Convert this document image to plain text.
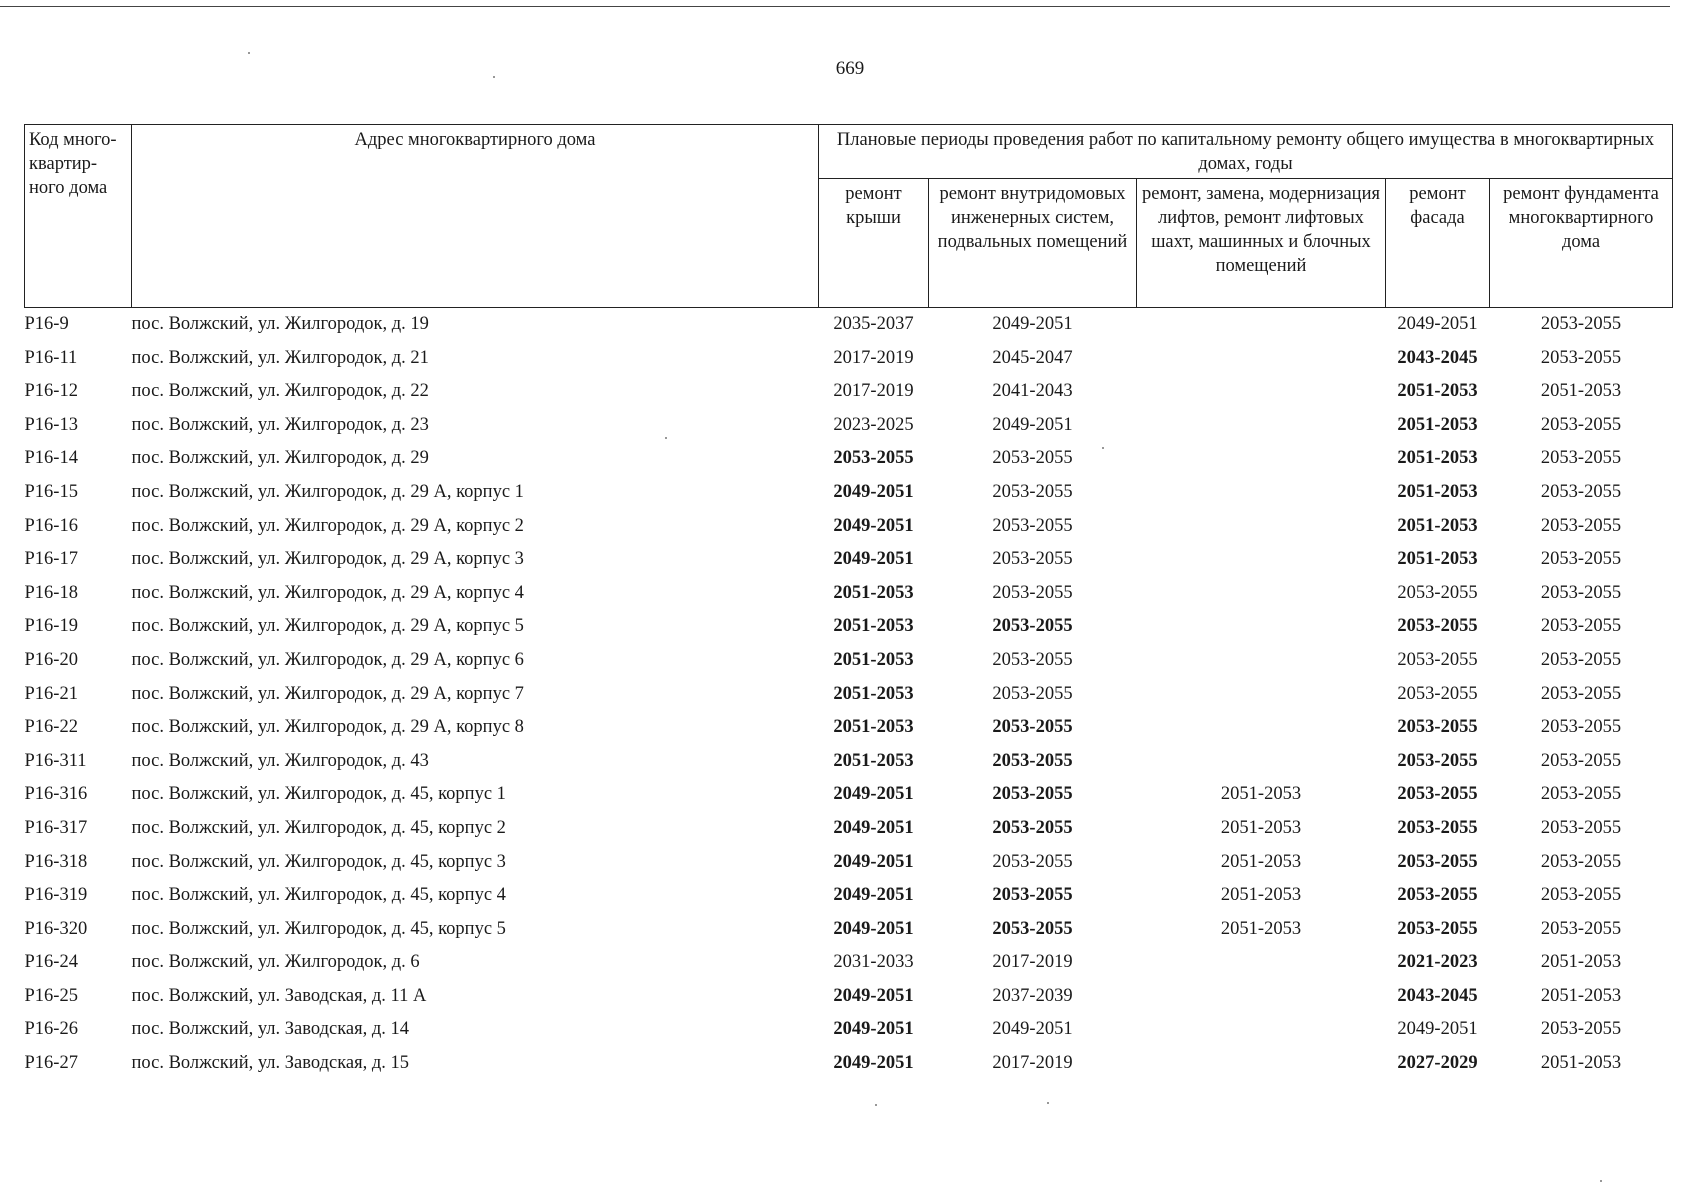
669
Код много-квартир-ного дома	Адрес многоквартирного дома	Плановые периоды проведения работ по капитальному ремонту общего имущества в многоквартирных домах, годы				
		ремонт крыши	ремонт внутридомовых инженерных систем, подвальных помещений	ремонт, замена, модернизация лифтов, ремонт лифтовых шахт, машинных и блочных помещений	ремонт фасада	ремонт фундамента многоквартирного дома
Р16-9	пос. Волжский, ул. Жилгородок, д. 19	2035-2037	2049-2051		2049-2051	2053-2055
Р16-11	пос. Волжский, ул. Жилгородок, д. 21	2017-2019	2045-2047		2043-2045	2053-2055
Р16-12	пос. Волжский, ул. Жилгородок, д. 22	2017-2019	2041-2043		2051-2053	2051-2053
Р16-13	пос. Волжский, ул. Жилгородок, д. 23	2023-2025	2049-2051		2051-2053	2053-2055
Р16-14	пос. Волжский, ул. Жилгородок, д. 29	2053-2055	2053-2055		2051-2053	2053-2055
Р16-15	пос. Волжский, ул. Жилгородок, д. 29 А, корпус 1	2049-2051	2053-2055		2051-2053	2053-2055
Р16-16	пос. Волжский, ул. Жилгородок, д. 29 А, корпус 2	2049-2051	2053-2055		2051-2053	2053-2055
Р16-17	пос. Волжский, ул. Жилгородок, д. 29 А, корпус 3	2049-2051	2053-2055		2051-2053	2053-2055
Р16-18	пос. Волжский, ул. Жилгородок, д. 29 А, корпус 4	2051-2053	2053-2055		2053-2055	2053-2055
Р16-19	пос. Волжский, ул. Жилгородок, д. 29 А, корпус 5	2051-2053	2053-2055		2053-2055	2053-2055
Р16-20	пос. Волжский, ул. Жилгородок, д. 29 А, корпус 6	2051-2053	2053-2055		2053-2055	2053-2055
Р16-21	пос. Волжский, ул. Жилгородок, д. 29 А, корпус 7	2051-2053	2053-2055		2053-2055	2053-2055
Р16-22	пос. Волжский, ул. Жилгородок, д. 29 А, корпус 8	2051-2053	2053-2055		2053-2055	2053-2055
Р16-311	пос. Волжский, ул. Жилгородок, д. 43	2051-2053	2053-2055		2053-2055	2053-2055
Р16-316	пос. Волжский, ул. Жилгородок, д. 45, корпус 1	2049-2051	2053-2055	2051-2053	2053-2055	2053-2055
Р16-317	пос. Волжский, ул. Жилгородок, д. 45, корпус 2	2049-2051	2053-2055	2051-2053	2053-2055	2053-2055
Р16-318	пос. Волжский, ул. Жилгородок, д. 45, корпус 3	2049-2051	2053-2055	2051-2053	2053-2055	2053-2055
Р16-319	пос. Волжский, ул. Жилгородок, д. 45, корпус 4	2049-2051	2053-2055	2051-2053	2053-2055	2053-2055
Р16-320	пос. Волжский, ул. Жилгородок, д. 45, корпус 5	2049-2051	2053-2055	2051-2053	2053-2055	2053-2055
Р16-24	пос. Волжский, ул. Жилгородок, д. 6	2031-2033	2017-2019		2021-2023	2051-2053
Р16-25	пос. Волжский, ул. Заводская, д. 11 А	2049-2051	2037-2039		2043-2045	2051-2053
Р16-26	пос. Волжский, ул. Заводская, д. 14	2049-2051	2049-2051		2049-2051	2053-2055
Р16-27	пос. Волжский, ул. Заводская, д. 15	2049-2051	2017-2019		2027-2029	2051-2053
